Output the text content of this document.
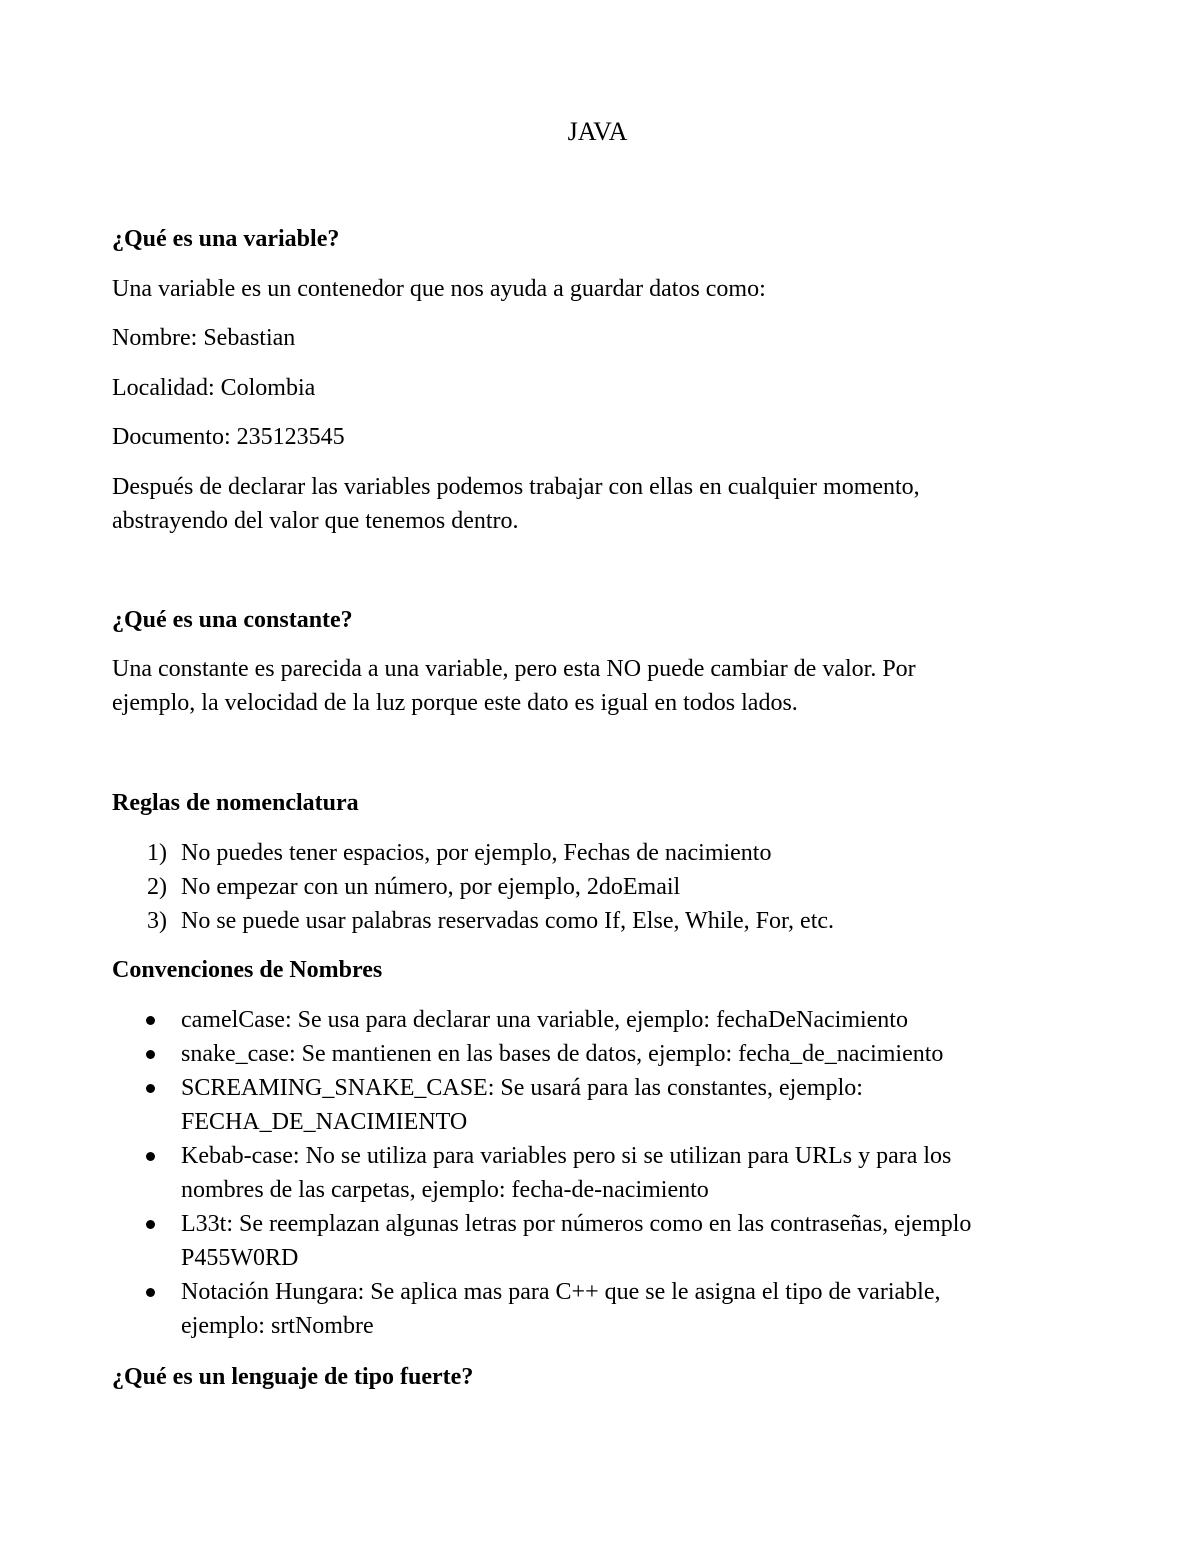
JAVA

¿Qué es una variable?

Una variable es un contenedor que nos ayuda a guardar datos como:

Nombre: Sebastian

Localidad: Colombia

Documento: 235123545

Después de declarar las variables podemos trabajar con ellas en cualquier momento,

abstrayendo del valor que tenemos dentro.

¿Qué es una constante?

Una constante es parecida a una variable, pero esta NO puede cambiar de valor. Por

ejemplo, la velocidad de la luz porque este dato es igual en todos lados.

Reglas de nomenclatura

1) No puedes tener espacios, por ejemplo, Fechas de nacimiento

2) No empezar con un número, por ejemplo, 2doEmail

3) No se puede usar palabras reservadas como If, Else, While, For, etc.

Convenciones de Nombres

camelCase: Se usa para declarar una variable, ejemplo: fechaDeNacimiento

snake_case: Se mantienen en las bases de datos, ejemplo: fecha_de_nacimiento

SCREAMING_SNAKE_CASE: Se usará para las constantes, ejemplo:

FECHA_DE_NACIMIENTO

Kebab-case: No se utiliza para variables pero si se utilizan para URLs y para los

nombres de las carpetas, ejemplo: fecha-de-nacimiento

L33t: Se reemplazan algunas letras por números como en las contraseñas, ejemplo

P455W0RD

Notación Hungara: Se aplica mas para C++ que se le asigna el tipo de variable,

ejemplo: srtNombre

¿Qué es un lenguaje de tipo fuerte?
